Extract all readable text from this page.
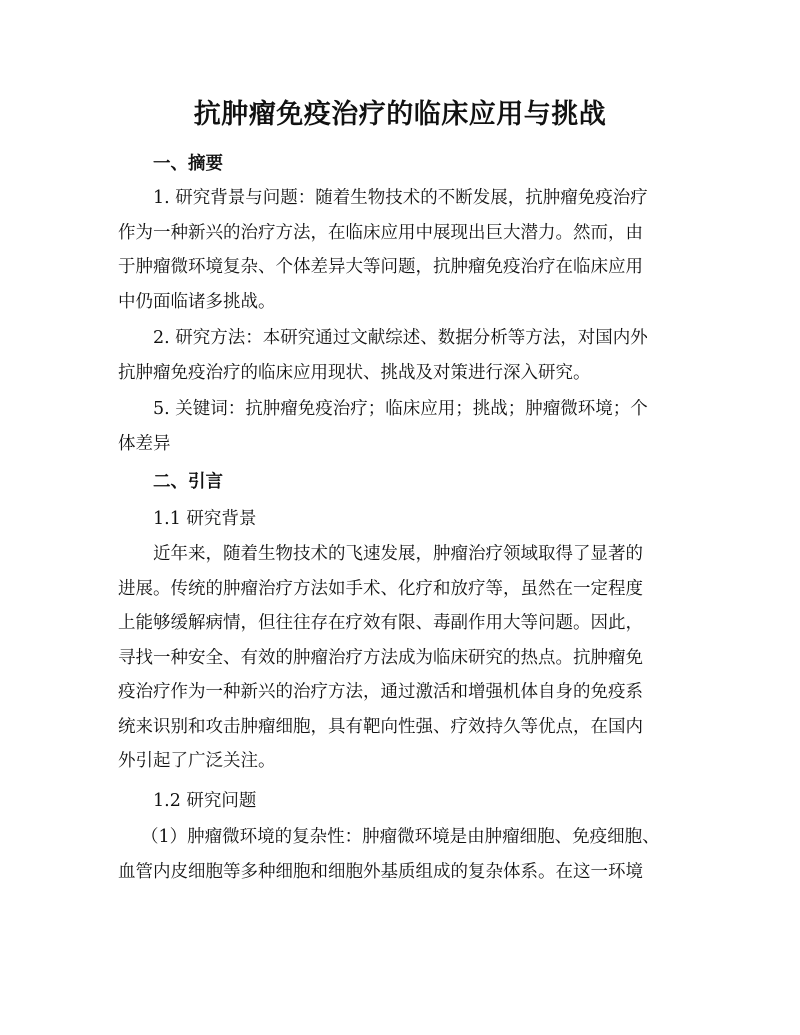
抗肿瘤免疫治疗的临床应用与挑战

一、摘要

1. 研究背景与问题：随着生物技术的不断发展，抗肿瘤免疫治疗
作为一种新兴的治疗方法，在临床应用中展现出巨大潜力。然而，由
于肿瘤微环境复杂、个体差异大等问题，抗肿瘤免疫治疗在临床应用
中仍面临诸多挑战。

2. 研究方法：本研究通过文献综述、数据分析等方法，对国内外
抗肿瘤免疫治疗的临床应用现状、挑战及对策进行深入研究。

5. 关键词：抗肿瘤免疫治疗；临床应用；挑战；肿瘤微环境；个
体差异

二、引言

1.1 研究背景

近年来，随着生物技术的飞速发展，肿瘤治疗领域取得了显著的
进展。传统的肿瘤治疗方法如手术、化疗和放疗等，虽然在一定程度
上能够缓解病情，但往往存在疗效有限、毒副作用大等问题。因此，
寻找一种安全、有效的肿瘤治疗方法成为临床研究的热点。抗肿瘤免
疫治疗作为一种新兴的治疗方法，通过激活和增强机体自身的免疫系
统来识别和攻击肿瘤细胞，具有靶向性强、疗效持久等优点，在国内
外引起了广泛关注。

1.2 研究问题

（1）肿瘤微环境的复杂性：肿瘤微环境是由肿瘤细胞、免疫细胞、
血管内皮细胞等多种细胞和细胞外基质组成的复杂体系。在这一环境
